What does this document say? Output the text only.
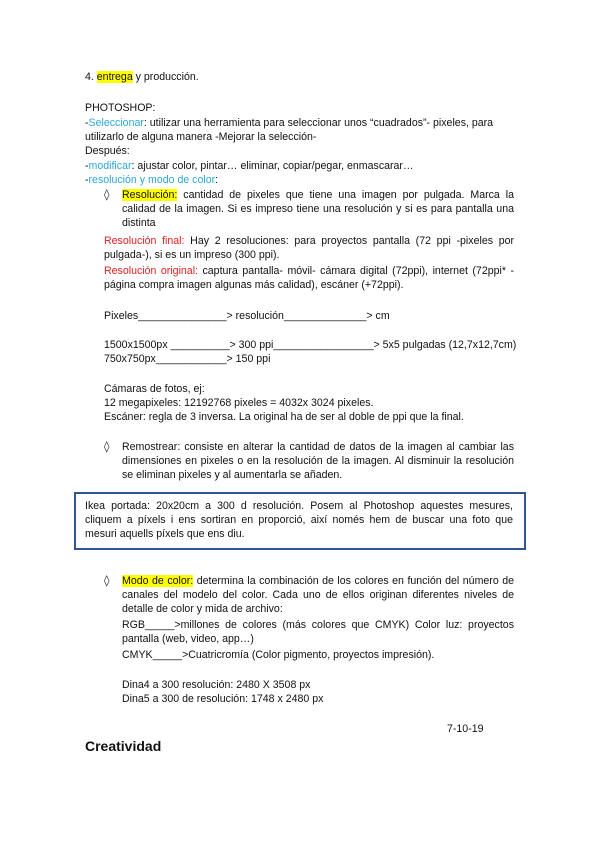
4. entrega y producción.
PHOTOSHOP:
-Seleccionar: utilizar una herramienta para seleccionar unos “cuadrados”- pixeles, para
utilizarlo de alguna manera -Mejorar la selección-
Después:
-modificar: ajustar color, pintar… eliminar, copiar/pegar, enmascarar…
-resolución y modo de color:
◊ Resolución: cantidad de pixeles que tiene una imagen por pulgada. Marca la calidad de la imagen. Si es impreso tiene una resolución y si es para pantalla una distinta
Resolución final: Hay 2 resoluciones: para proyectos pantalla (72 ppi -pixeles por pulgada-), si es un impreso (300 ppi).
Resolución original: captura pantalla- móvil- cámara digital (72ppi), internet (72ppi* -página compra imagen algunas más calidad), escáner (+72ppi).
Pixeles_______________> resolución______________> cm
1500x1500px __________> 300 ppi_________________> 5x5 pulgadas (12,7x12,7cm)
750x750px____________> 150 ppi
Cámaras de fotos, ej:
12 megapixeles: 12192768 pixeles = 4032x 3024 pixeles.
Escáner: regla de 3 inversa. La original ha de ser al doble de ppi que la final.
◊ Remostrear: consiste en alterar la cantidad de datos de la imagen al cambiar las dimensiones en pixeles o en la resolución de la imagen. Al disminuir la resolución se eliminan pixeles y al aumentarla se añaden.
Ikea portada: 20x20cm a 300 d resolución. Posem al Photoshop aquestes mesures, cliquem a píxels i ens sortiran en proporció, així només hem de buscar una foto que mesuri aquells píxels que ens diu.
◊ Modo de color: determina la combinación de los colores en función del número de canales del modelo del color. Cada uno de ellos originan diferentes niveles de detalle de color y mida de archivo:
RGB_____>millones de colores (más colores que CMYK) Color luz: proyectos pantalla (web, video, app…)
CMYK_____>Cuatricromía (Color pigmento, proyectos impresión).
Dina4 a 300 resolución: 2480 X 3508 px
Dina5 a 300 de resolución: 1748 x 2480 px
7-10-19
Creatividad
